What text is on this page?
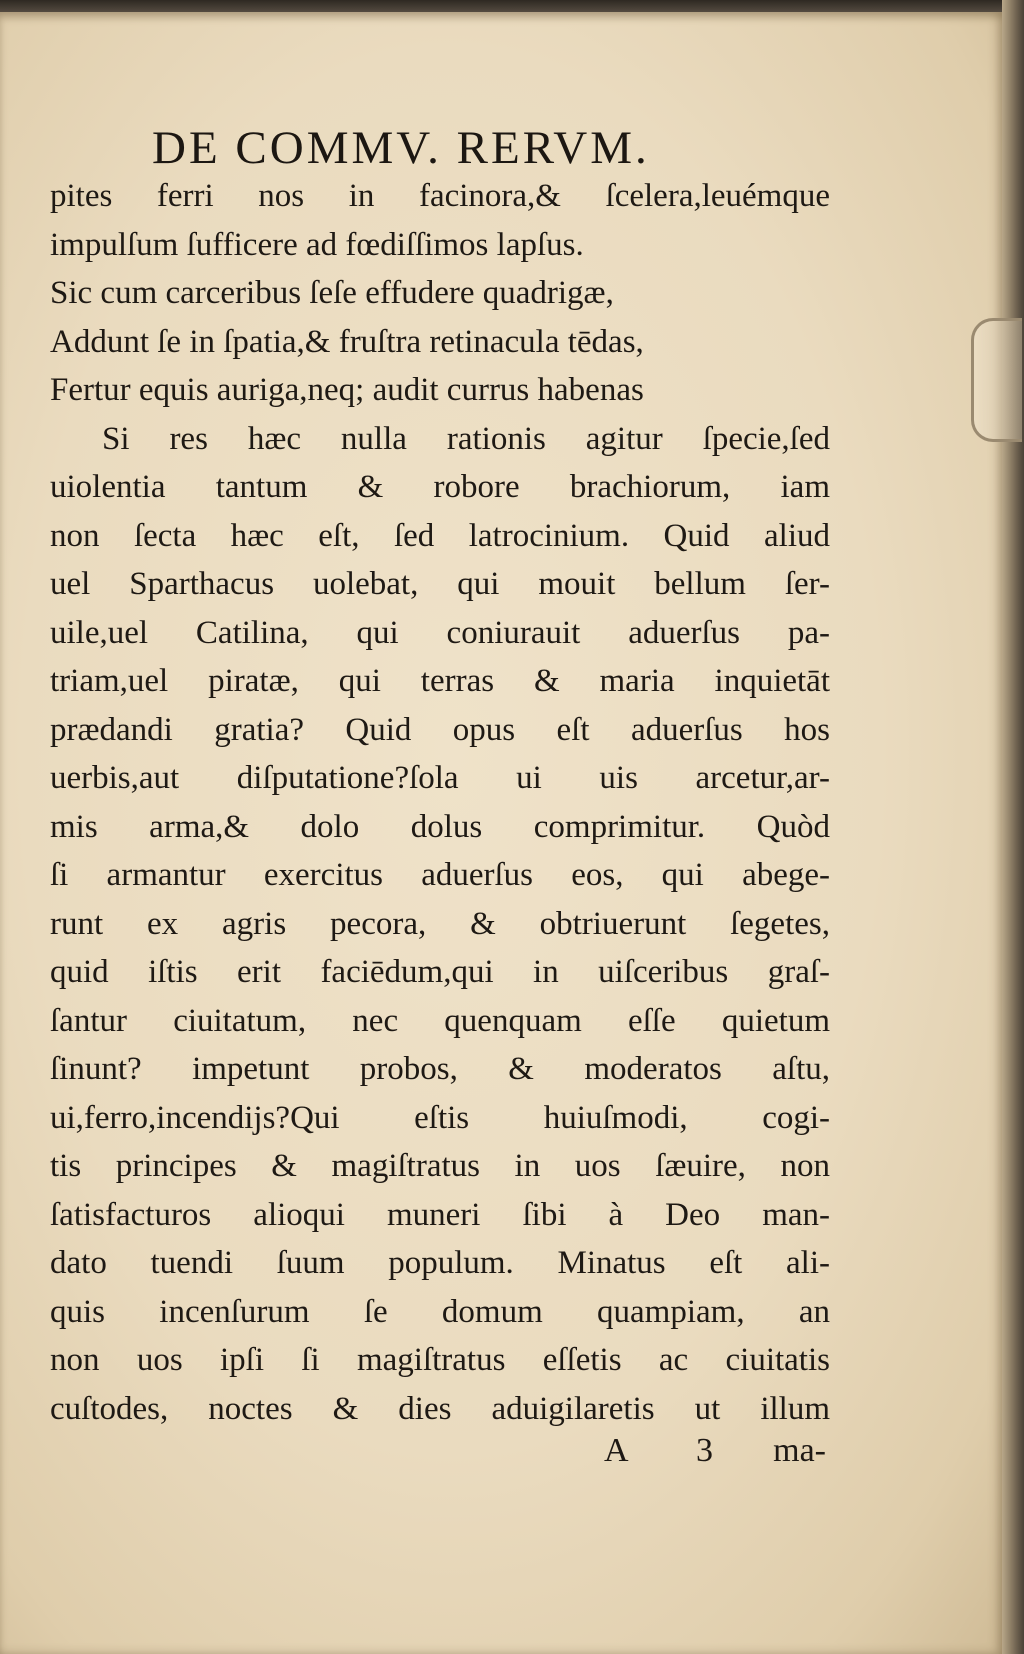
DE COMMV. RERVM.
pites ferri nos in facinora,& ſcelera,leuémque
impulſum ſufficere ad fœdiſſimos lapſus.
Sic cum carceribus ſeſe effudere quadrigæ,
Addunt ſe in ſpatia,& fruſtra retinacula tēdas,
Fertur equis auriga,neq; audit currus habenas
Si res hæc nulla rationis agitur ſpecie,ſed
uiolentia tantum & robore brachiorum, iam
non ſecta hæc eſt, ſed latrocinium. Quid aliud
uel Sparthacus uolebat, qui mouit bellum ſer-
uile,uel Catilina, qui coniurauit aduerſus pa-
triam,uel piratæ, qui terras & maria inquietāt
prædandi gratia? Quid opus eſt aduerſus hos
uerbis,aut diſputatione?ſola ui uis arcetur,ar-
mis arma,& dolo dolus comprimitur. Quòd
ſi armantur exercitus aduerſus eos, qui abege-
runt ex agris pecora, & obtriuerunt ſegetes,
quid iſtis erit faciēdum,qui in uiſceribus graſ-
ſantur ciuitatum, nec quenquam eſſe quietum
ſinunt? impetunt probos, & moderatos aſtu,
ui,ferro,incendijs?Qui eſtis huiuſmodi, cogi-
tis principes & magiſtratus in uos ſæuire, non
ſatisfacturos alioqui muneri ſibi à Deo man-
dato tuendi ſuum populum. Minatus eſt ali-
quis incenſurum ſe domum quampiam, an
non uos ipſi ſi magiſtratus eſſetis ac ciuitatis
cuſtodes, noctes & dies aduigilaretis ut illum
A 3 ma-
